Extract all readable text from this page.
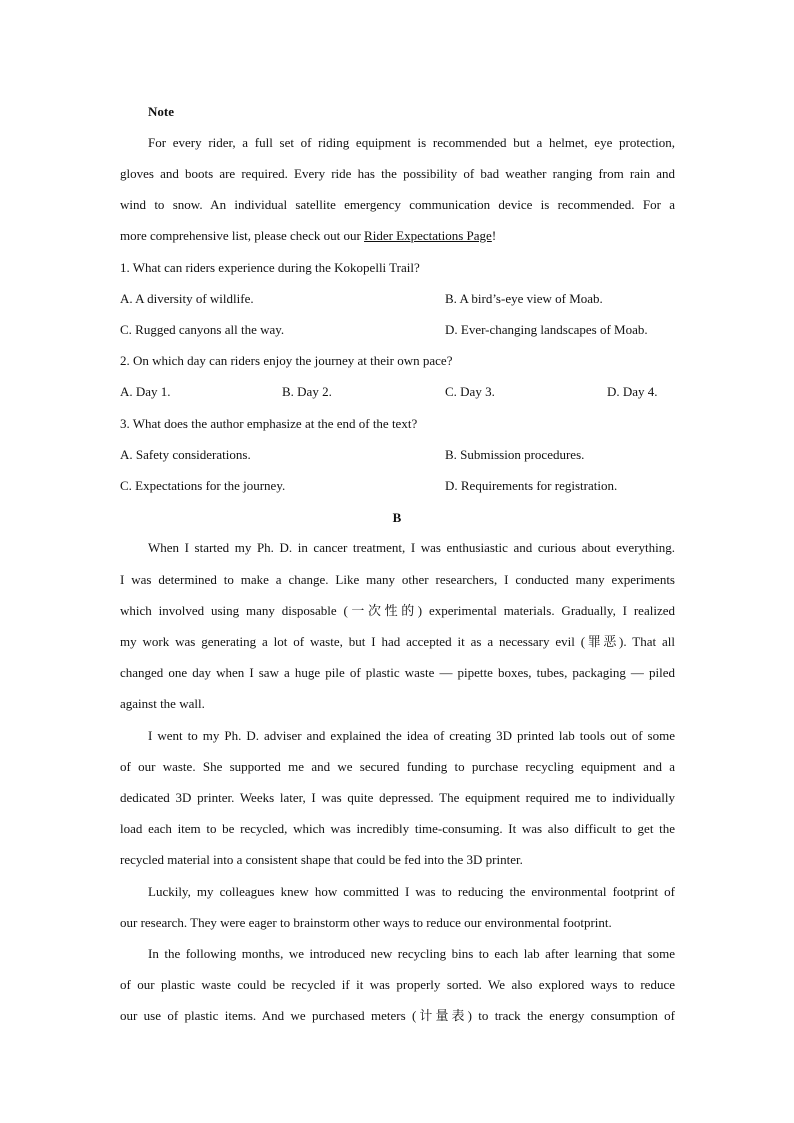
Note
For every rider, a full set of riding equipment is recommended but a helmet, eye protection,
gloves and boots are required. Every ride has the possibility of bad weather ranging from rain and
wind to snow. An individual satellite emergency communication device is recommended. For a
more comprehensive list, please check out our Rider Expectations Page!
1. What can riders experience during the Kokopelli Trail?
A. A diversity of wildlife.	B. A bird’s-eye view of Moab.
C. Rugged canyons all the way.	D. Ever-changing landscapes of Moab.
2. On which day can riders enjoy the journey at their own pace?
A. Day 1.	B. Day 2.	C. Day 3.	D. Day 4.
3. What does the author emphasize at the end of the text?
A. Safety considerations.	B. Submission procedures.
C. Expectations for the journey.	D. Requirements for registration.
B
When I started my Ph. D. in cancer treatment, I was enthusiastic and curious about everything.
I was determined to make a change. Like many other researchers, I conducted many experiments
which involved using many disposable (一次性的) experimental materials. Gradually, I realized
my work was generating a lot of waste, but I had accepted it as a necessary evil (罪恶). That all
changed one day when I saw a huge pile of plastic waste — pipette boxes, tubes, packaging — piled
against the wall.
I went to my Ph. D. adviser and explained the idea of creating 3D printed lab tools out of some
of our waste. She supported me and we secured funding to purchase recycling equipment and a
dedicated 3D printer. Weeks later, I was quite depressed. The equipment required me to individually
load each item to be recycled, which was incredibly time-consuming. It was also difficult to get the
recycled material into a consistent shape that could be fed into the 3D printer.
Luckily, my colleagues knew how committed I was to reducing the environmental footprint of
our research. They were eager to brainstorm other ways to reduce our environmental footprint.
In the following months, we introduced new recycling bins to each lab after learning that some
of our plastic waste could be recycled if it was properly sorted. We also explored ways to reduce
our use of plastic items. And we purchased meters (计量表) to track the energy consumption of
